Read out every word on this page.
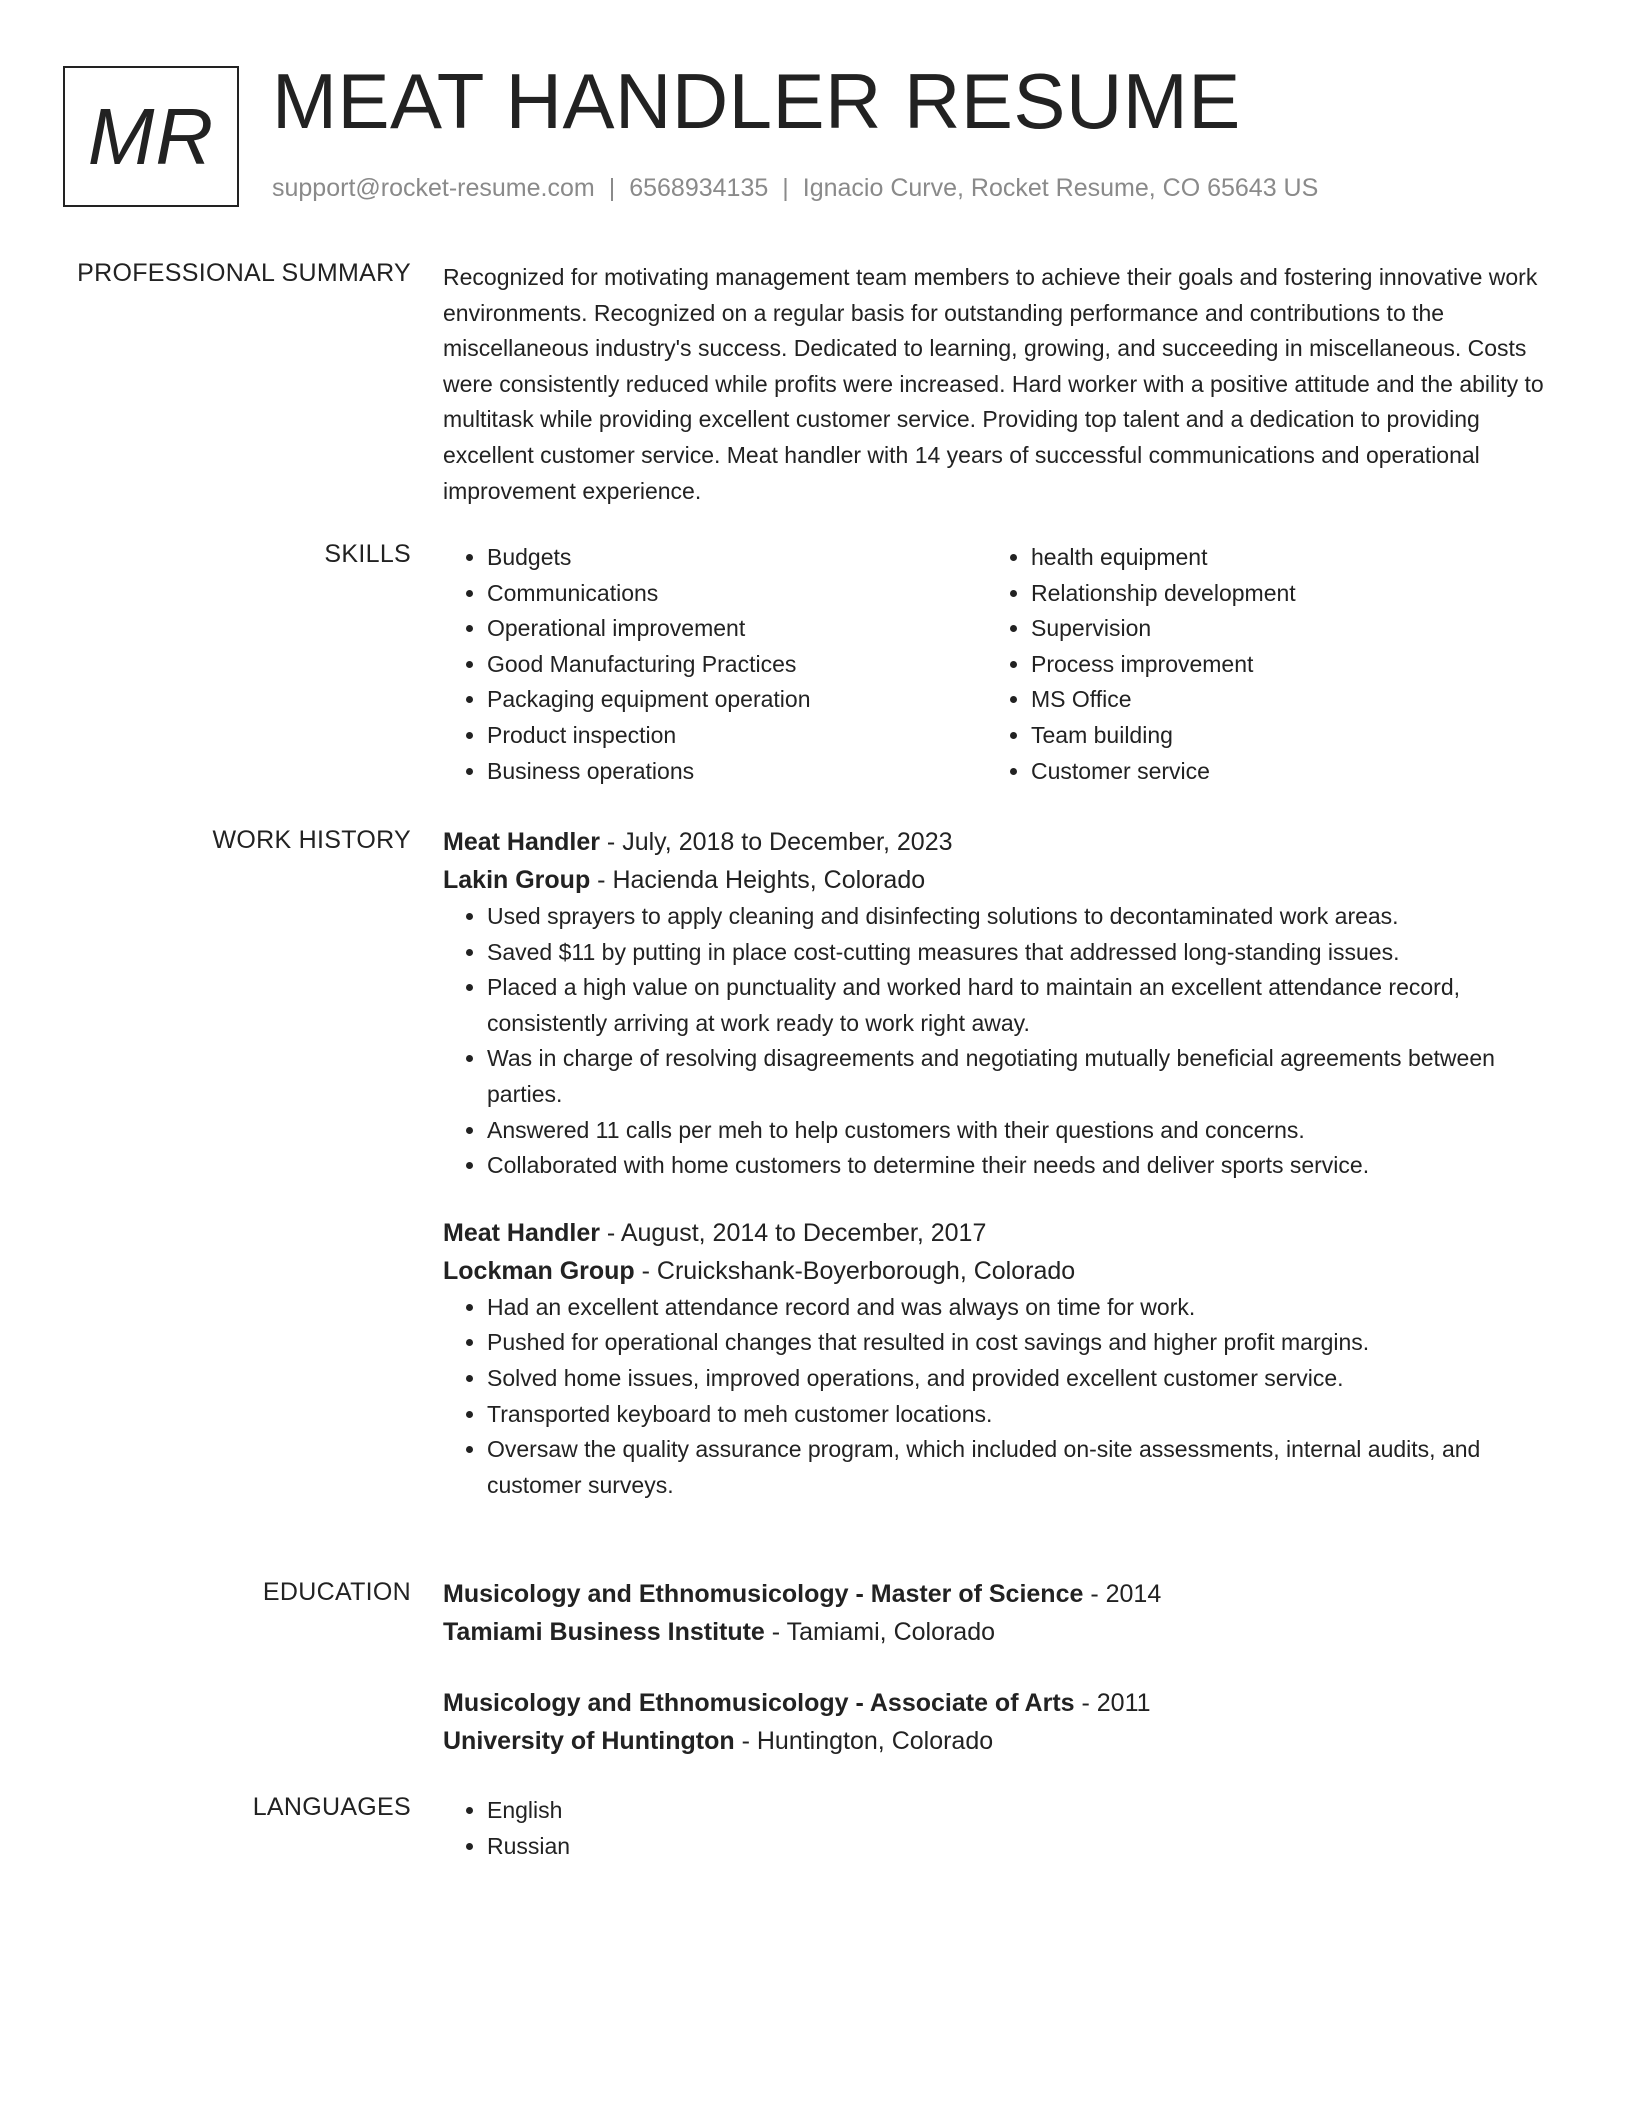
MR MEAT HANDLER RESUME
support@rocket-resume.com | 6568934135 | Ignacio Curve, Rocket Resume, CO 65643 US
PROFESSIONAL SUMMARY Recognized for motivating management team members to achieve their goals and fostering innovative work environments. Recognized on a regular basis for outstanding performance and contributions to the miscellaneous industry's success. Dedicated to learning, growing, and succeeding in miscellaneous. Costs were consistently reduced while profits were increased. Hard worker with a positive attitude and the ability to multitask while providing excellent customer service. Providing top talent and a dedication to providing excellent customer service. Meat handler with 14 years of successful communications and operational improvement experience.

SKILLS	• Budgets
• Communications
• Operational improvement
• Good Manufacturing Practices
• Packaging equipment operation
• Product inspection
• Business operations
• health equipment
• Relationship development
• Supervision
• Process improvement
• MS Office
• Team building
• Customer service
WORK HISTORY Meat Handler - July, 2018 to December, 2023

Lakin Group - Hacienda Heights, Colorado

• Used sprayers to apply cleaning and disinfecting solutions to decontaminated work areas.
• Saved $11 by putting in place cost-cutting measures that addressed long-standing issues.
• Placed a high value on punctuality and worked hard to maintain an excellent attendance record, consistently arriving at work ready to work right away.
• Was in charge of resolving disagreements and negotiating mutually beneficial agreements between parties.
• Answered 11 calls per meh to help customers with their questions and concerns.
• Collaborated with home customers to determine their needs and deliver sports service.

Meat Handler - August, 2014 to December, 2017

Lockman Group - Cruickshank-Boyerborough, Colorado

• Had an excellent attendance record and was always on time for work.
• Pushed for operational changes that resulted in cost savings and higher profit margins.
• Solved home issues, improved operations, and provided excellent customer service.
• Transported keyboard to meh customer locations.
• Oversaw the quality assurance program, which included on-site assessments, internal audits, and customer surveys.
EDUCATION Musicology and Ethnomusicology - Master of Science - 2014

Tamiami Business Institute - Tamiami, Colorado

Musicology and Ethnomusicology - Associate of Arts - 2011

University of Huntington - Huntington, Colorado

LANGUAGES	• English
• Russian
